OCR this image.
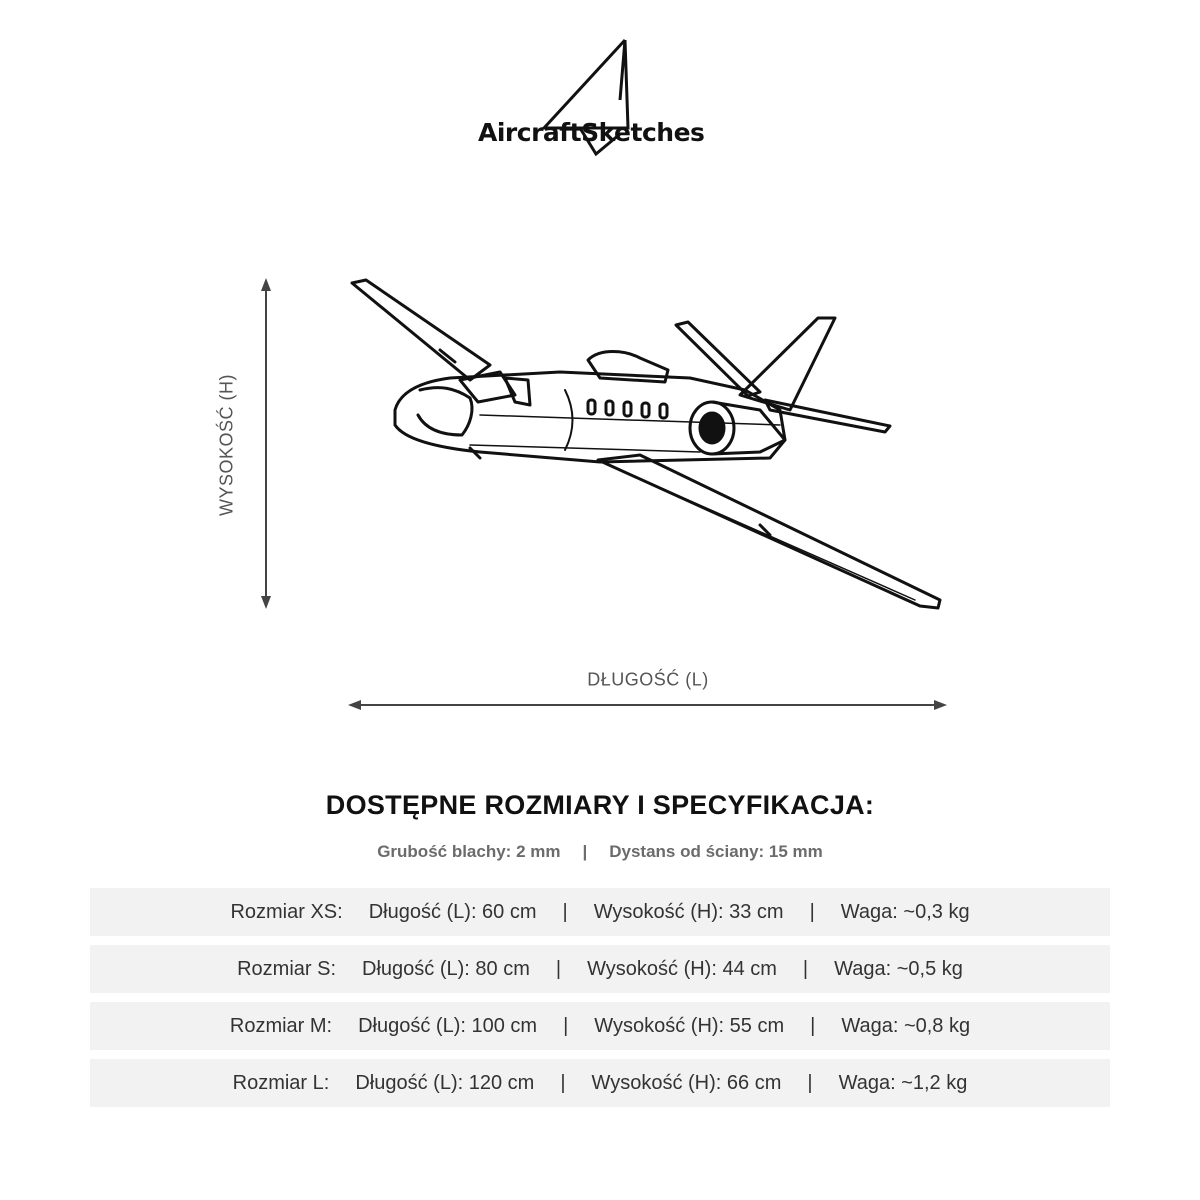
AircraftSketches
WYSOKOŚĆ (H)
DŁUGOŚĆ (L)
DOSTĘPNE ROZMIARY I SPECYFIKACJA:
Grubość blachy: 2 mm | Dystans od ściany: 15 mm
Rozmiar XS: Długość (L): 60 cm | Wysokość (H): 33 cm | Waga: ~0,3 kg
Rozmiar S: Długość (L): 80 cm | Wysokość (H): 44 cm | Waga: ~0,5 kg
Rozmiar M: Długość (L): 100 cm | Wysokość (H): 55 cm | Waga: ~0,8 kg
Rozmiar L: Długość (L): 120 cm | Wysokość (H): 66 cm | Waga: ~1,2 kg
